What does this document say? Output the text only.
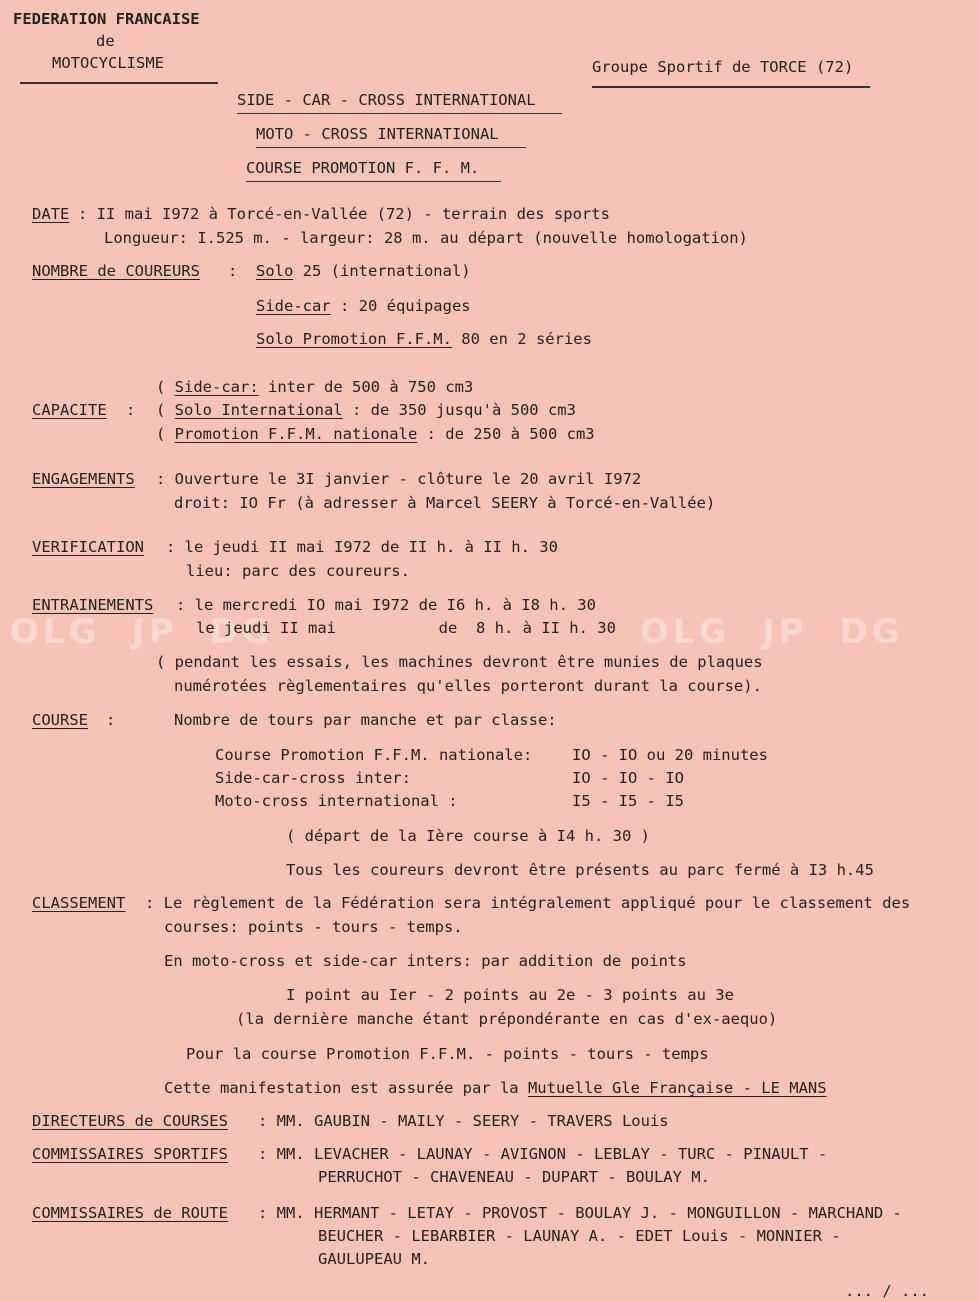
OLG  JP  DG	OLG  JP  DG
FEDERATION FRANCAISE
de
MOTOCYCLISME	Groupe Sportif de TORCE (72)
SIDE - CAR - CROSS INTERNATIONAL
MOTO - CROSS INTERNATIONAL
COURSE PROMOTION F. F. M.
DATE : II mai I972 à Torcé-en-Vallée (72) - terrain des sports
Longueur: I.525 m. - largeur: 28 m. au départ (nouvelle homologation)
NOMBRE de COUREURS : Solo 25 (international)
Side-car : 20 équipages
Solo Promotion F.F.M. 80 en 2 séries
( Side-car: inter de 500 à 750 cm3
CAPACITE : ( Solo International : de 350 jusqu'à 500 cm3
( Promotion F.F.M. nationale : de 250 à 500 cm3
ENGAGEMENTS : Ouverture le 3I janvier - clôture le 20 avril I972
droit: IO Fr (à adresser à Marcel SEERY à Torcé-en-Vallée)
VERIFICATION : le jeudi II mai I972 de II h. à II h. 30
lieu: parc des coureurs.
ENTRAINEMENTS : le mercredi IO mai I972 de I6 h. à I8 h. 30
le jeudi II mai           de  8 h. à II h. 30
( pendant les essais, les machines devront être munies de plaques
numérotées règlementaires qu'elles porteront durant la course).
COURSE :	Nombre de tours par manche et par classe:
Course Promotion F.F.M. nationale:	IO - IO ou 20 minutes
Side-car-cross inter:	IO - IO - IO
Moto-cross international :	I5 - I5 - I5
( départ de la Ière course à I4 h. 30 )
Tous les coureurs devront être présents au parc fermé à I3 h.45
CLASSEMENT : Le règlement de la Fédération sera intégralement appliqué pour le classement des
courses: points - tours - temps.
En moto-cross et side-car inters: par addition de points
I point au Ier - 2 points au 2e - 3 points au 3e
(la dernière manche étant prépondérante en cas d'ex-aequo)
Pour la course Promotion F.F.M. - points - tours - temps
Cette manifestation est assurée par la Mutuelle Gle Française - LE MANS
DIRECTEURS de COURSES : MM. GAUBIN - MAILY - SEERY - TRAVERS Louis
COMMISSAIRES SPORTIFS : MM. LEVACHER - LAUNAY - AVIGNON - LEBLAY - TURC - PINAULT -
PERRUCHOT - CHAVENEAU - DUPART - BOULAY M.
COMMISSAIRES de ROUTE : MM. HERMANT - LETAY - PROVOST - BOULAY J. - MONGUILLON - MARCHAND -
BEUCHER - LEBARBIER - LAUNAY A. - EDET Louis - MONNIER -
GAULUPEAU M.
... / ...
